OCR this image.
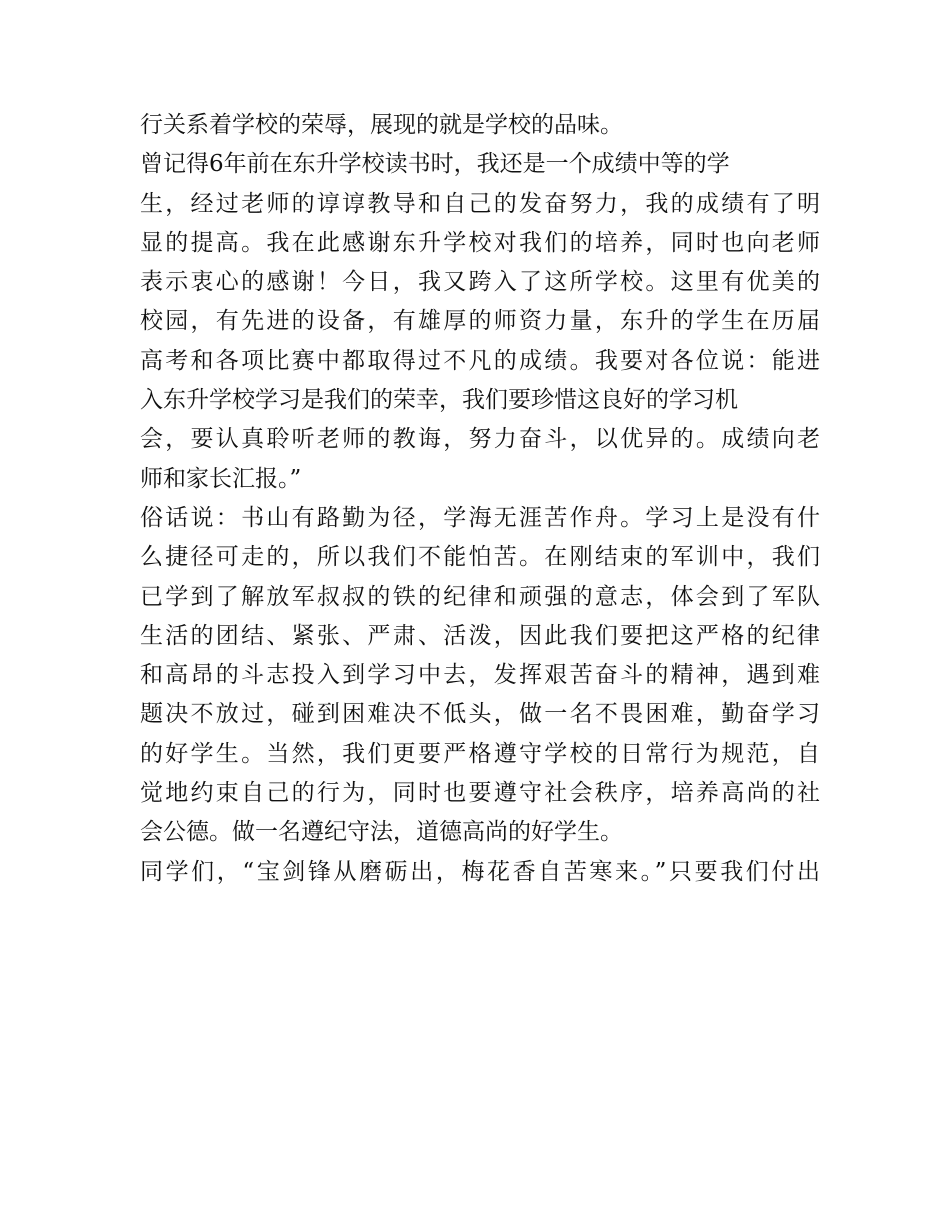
行关系着学校的荣辱，展现的就是学校的品味。
曾记得6年前在东升学校读书时，我还是一个成绩中等的学
生，经过老师的谆谆教导和自己的发奋努力，我的成绩有了明
显的提高。我在此感谢东升学校对我们的培养，同时也向老师
表示衷心的感谢！今日，我又跨入了这所学校。这里有优美的
校园，有先进的设备，有雄厚的师资力量，东升的学生在历届
高考和各项比赛中都取得过不凡的成绩。我要对各位说：能进
入东升学校学习是我们的荣幸，我们要珍惜这良好的学习机
会，要认真聆听老师的教诲，努力奋斗，以优异的。成绩向老
师和家长汇报。”
俗话说：书山有路勤为径，学海无涯苦作舟。学习上是没有什
么捷径可走的，所以我们不能怕苦。在刚结束的军训中，我们
已学到了解放军叔叔的铁的纪律和顽强的意志，体会到了军队
生活的团结、紧张、严肃、活泼，因此我们要把这严格的纪律
和高昂的斗志投入到学习中去，发挥艰苦奋斗的精神，遇到难
题决不放过，碰到困难决不低头，做一名不畏困难，勤奋学习
的好学生。当然，我们更要严格遵守学校的日常行为规范，自
觉地约束自己的行为，同时也要遵守社会秩序，培养高尚的社
会公德。做一名遵纪守法，道德高尚的好学生。
同学们，“宝剑锋从磨砺出，梅花香自苦寒来。”只要我们付出
